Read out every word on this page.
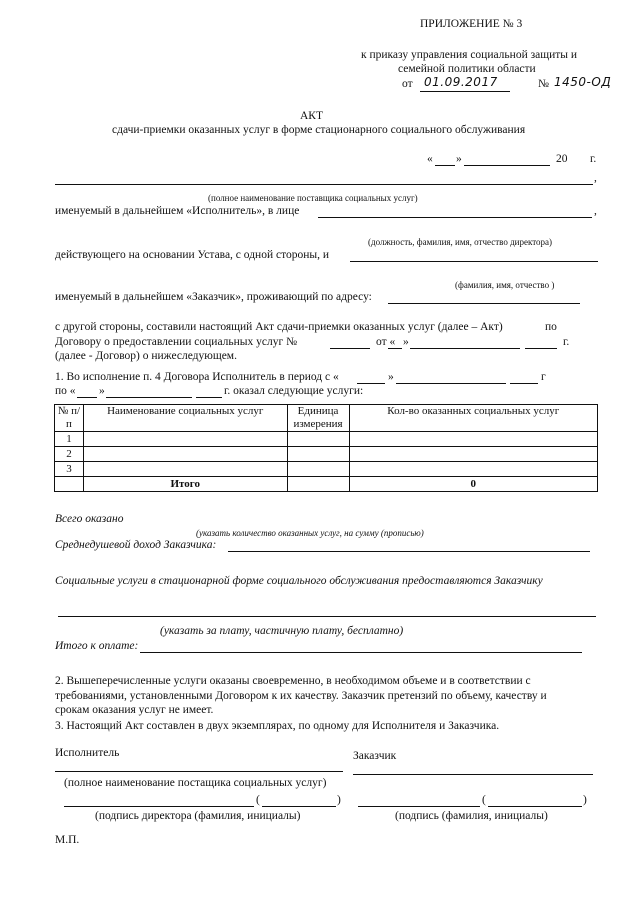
ПРИЛОЖЕНИЕ № 3
к приказу управления социальной защиты и
семейной политики области
от 01.09.2017	№ 1450-ОД
АКТ
сдачи-приемки оказанных услуг в форме стационарного социального обслуживания
« »	20 г.
,
(полное наименование поставщика социальных услуг)
именуемый в дальнейшем «Исполнитель», в лице	,
(должность, фамилия, имя, отчество директора)
действующего на основании Устава, с одной стороны, и
(фамилия, имя, отчество )
именуемый в дальнейшем «Заказчик», проживающий по адресу:
с другой стороны, составили настоящий Акт сдачи-приемки оказанных услуг (далее – Акт)	по
Договору о предоставлении социальных услуг №	от « »	г.
(далее - Договор) о нижеследующем.
1. Во исполнение п. 4 Договора Исполнитель в период с «	»	г
по « »	г. оказал следующие услуги:
№ п/п	Наименование социальных услуг	Единица измерения	Кол-во оказанных социальных услуг
1			
2			
3			
	Итого		0
Всего оказано
(указать количество оказанных услуг, на сумму (прописью)
Среднедушевой доход Заказчика:
Социальные услуги в стационарной форме социального обслуживания предоставляются Заказчику
(указать за плату, частичную плату, бесплатно)
Итого к оплате:
2. Вышеперечисленные услуги оказаны своевременно, в необходимом объеме и в соответствии с
требованиями, установленными Договором к их качеству. Заказчик претензий по объему, качеству и
срокам оказания услуг не имеет.
3. Настоящий Акт составлен в двух экземплярах, по одному для Исполнителя и Заказчика.
Исполнитель	Заказчик
(полное наименование постащика социальных услуг)
(	)	(	)
(подпись директора (фамилия, инициалы)	(подпись (фамилия, инициалы)
М.П.
